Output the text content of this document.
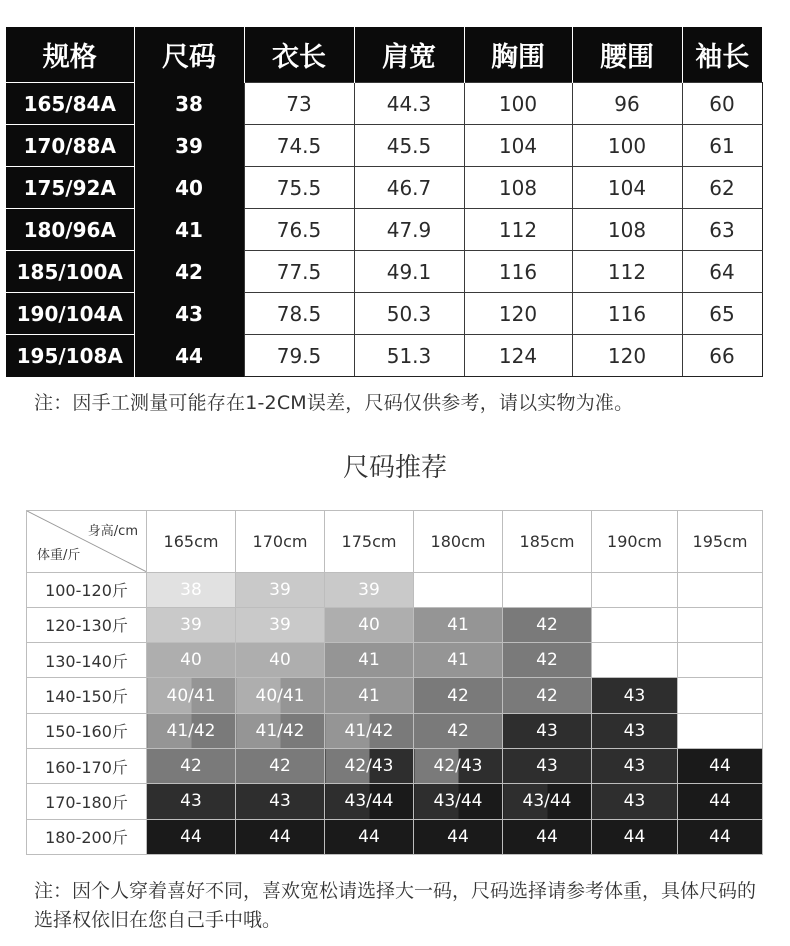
规格	尺码	衣长	肩宽	胸围	腰围	袖长
165/84A	38	73	44.3	100	96	60
170/88A	39	74.5	45.5	104	100	61
175/92A	40	75.5	46.7	108	104	62
180/96A	41	76.5	47.9	112	108	63
185/100A	42	77.5	49.1	116	112	64
190/104A	43	78.5	50.3	120	116	65
195/108A	44	79.5	51.3	124	120	66
注：因手工测量可能存在1-2CM误差，尺码仅供参考，请以实物为准。
尺码推荐
身高/cm
体重/斤	165cm	170cm	175cm	180cm	185cm	190cm	195cm
100-120斤	38	39	39				
120-130斤	39	39	40	41	42		
130-140斤	40	40	41	41	42		
140-150斤	40/41	40/41	41	42	42	43	
150-160斤	41/42	41/42	41/42	42	43	43	
160-170斤	42	42	42/43	42/43	43	43	44
170-180斤	43	43	43/44	43/44	43/44	43	44
180-200斤	44	44	44	44	44	44	44
注：因个人穿着喜好不同，喜欢宽松请选择大一码，尺码选择请参考体重，具体尺码的选择权依旧在您自己手中哦。
